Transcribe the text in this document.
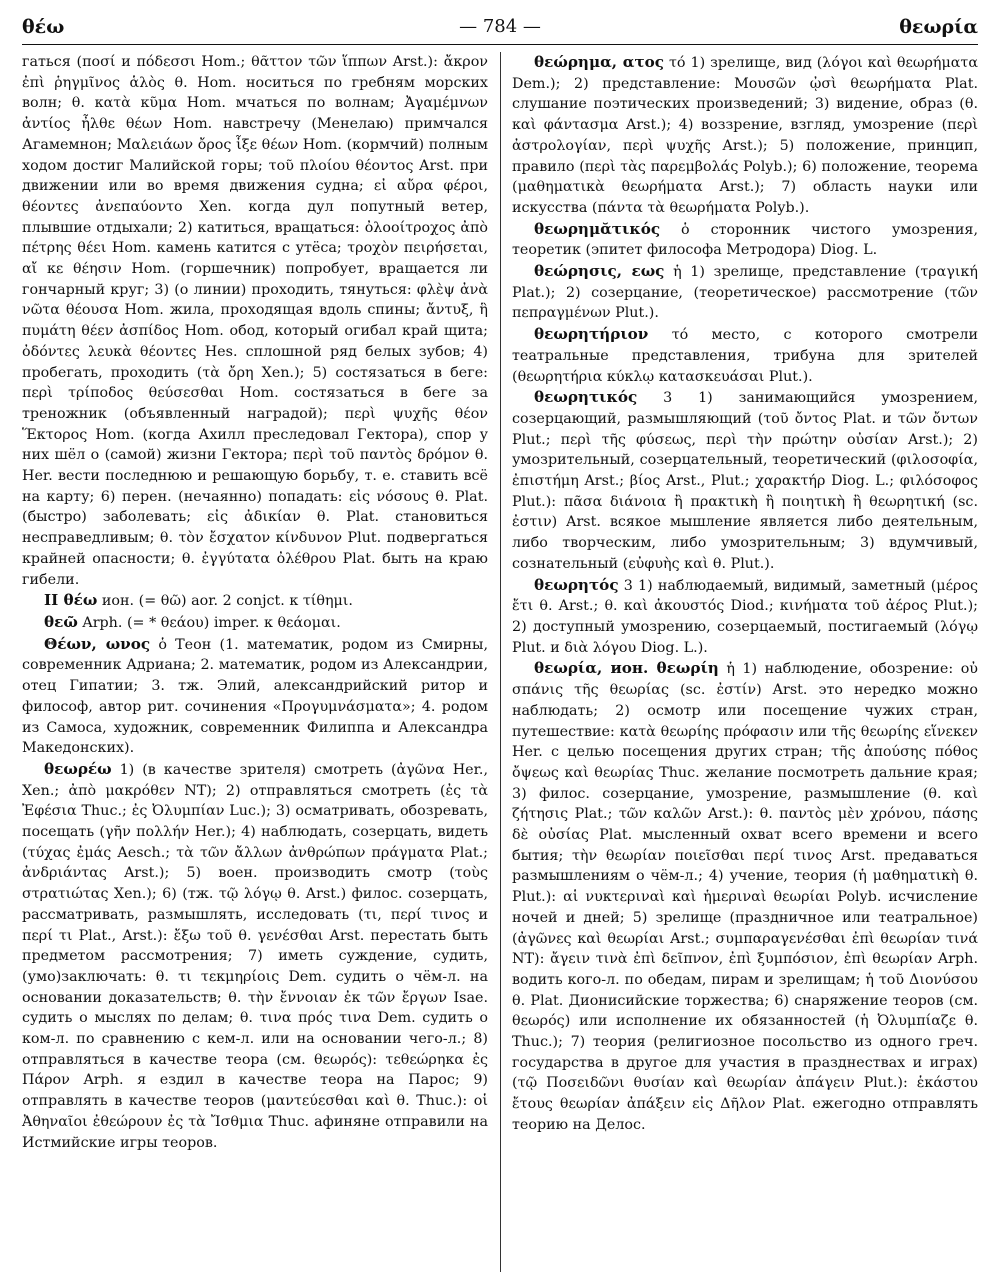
θέω	— 784 —	θεωρία

гаться (ποσί и πόδεσσι Hom.; θᾶττον τῶν ἵππων Arst.): ἄκρον ἐπὶ ῥηγμῖνος ἁλὸς θ. Hom. носиться по гребням морских волн; θ. κατὰ κῦμα Hom. мчаться по волнам; Ἀγαμέμνων ἀντίος ἦλθε θέων Hom. навстречу (Менелаю) примчался Агамемнон; Μαλειάων ὄρος ἷξε θέων Hom. (кормчий) полным ходом достиг Малийской горы; τοῦ πλοίου θέοντος Arst. при движении или во время движения судна; εἰ αὔρα φέροι, θέοντες ἀνεπαύοντο Xen. когда дул попутный ветер, плывшие отдыхали; 2) катиться, вращаться: ὀλοοίτροχος ἀπὸ πέτρης θέει Hom. камень катится с утёса; τροχὸν πειρήσεται, αἴ κε θέησιν Hom. (горшечник) попробует, вращается ли гончарный круг; 3) (о линии) проходить, тянуться: φλὲψ ἀνὰ νῶτα θέουσα Hom. жила, проходящая вдоль спины; ἄντυξ, ἣ πυμάτη θέεν ἀσπίδος Hom. обод, который огибал край щита; ὀδόντες λευκὰ θέοντες Hes. сплошной ряд белых зубов; 4) пробегать, проходить (τὰ ὄρη Xen.); 5) состязаться в беге: περὶ τρίποδος θεύσεσθαι Hom. состязаться в беге за треножник (объявленный наградой); περὶ ψυχῆς θέον Ἕκτορος Hom. (когда Ахилл преследовал Гектора), спор у них шёл о (самой) жизни Гектора; περὶ τοῦ παντὸς δρόμον θ. Her. вести последнюю и решающую борьбу, т. е. ставить всё на карту; 6) перен. (нечаянно) попадать: εἰς νόσους θ. Plat. (быстро) заболевать; εἰς ἀδικίαν θ. Plat. становиться несправедливым; θ. τὸν ἔσχατον κίνδυνον Plut. подвергаться крайней опасности; θ. ἐγγύτατα ὀλέθρου Plat. быть на краю гибели.

II θέω ион. (= θῶ) aor. 2 conjct. к τίθημι.

θεῶ Arph. (= * θεάου) imper. к θεάομαι.

Θέων, ωνος ὁ Теон (1. математик, родом из Смирны, современник Адриана; 2. математик, родом из Александрии, отец Гипатии; 3. тж. Элий, александрийский ритор и философ, автор рит. сочинения «Προγυμνάσματα»; 4. родом из Самоса, художник, современник Филиппа и Александра Македонских).

θεωρέω 1) (в качестве зрителя) смотреть (ἀγῶνα Her., Xen.; ἀπὸ μακρόθεν NT); 2) отправляться смотреть (ἐς τὰ Ἐφέσια Thuc.; ἐς Ὀλυμπίαν Luc.); 3) осматривать, обозревать, посещать (γῆν πολλήν Her.); 4) наблюдать, созерцать, видеть (τύχας ἐμάς Aesch.; τὰ τῶν ἄλλων ἀνθρώπων πράγματα Plat.; ἀνδριάντας Arst.); 5) воен. производить смотр (τοὺς στρατιώτας Xen.); 6) (тж. τῷ λόγῳ θ. Arst.) филос. созерцать, рассматривать, размышлять, исследовать (τι, περί τινος и περί τι Plat., Arst.): ἔξω τοῦ θ. γενέσθαι Arst. перестать быть предметом рассмотрения; 7) иметь суждение, судить, (умо)заключать: θ. τι τεκμηρίοις Dem. судить о чём-л. на основании доказательств; θ. τὴν ἔννοιαν ἐκ τῶν ἔργων Isae. судить о мыслях по делам; θ. τινα πρός τινα Dem. судить о ком-л. по сравнению с кем-л. или на основании чего-л.; 8) отправляться в качестве теора (см. θεωρός): τεθεώρηκα ἐς Πάρον Arph. я ездил в качестве теора на Парос; 9) отправлять в качестве теоров (μαντεύεσθαι καὶ θ. Thuc.): οἱ Ἀθηναῖοι ἐθεώρουν ἐς τὰ Ἴσθμια Thuc. афиняне отправили на Истмийские игры теоров.

θεώρημα, ατος τό 1) зрелище, вид (λόγοι καὶ θεωρήματα Dem.); 2) представление: Μουσῶν ᾠσὶ θεωρήματα Plat. слушание поэтических произведений; 3) видение, образ (θ. καὶ φάντασμα Arst.); 4) воззрение, взгляд, умозрение (περὶ ἀστρολογίαν, περὶ ψυχῆς Arst.); 5) положение, принцип, правило (περὶ τὰς παρεμβολάς Polyb.); 6) положение, теорема (μαθηματικὰ θεωρήματα Arst.); 7) область науки или искусства (πάντα τὰ θεωρήματα Polyb.).

θεωρημᾰτικός ὁ сторонник чистого умозрения, теоретик (эпитет философа Метродора) Diog. L.

θεώρησις, εως ἡ 1) зрелище, представление (τραγική Plat.); 2) созерцание, (теоретическое) рассмотрение (τῶν πεπραγμένων Plut.).

θεωρητήριον τό место, с которого смотрели театральные представления, трибуна для зрителей (θεωρητήρια κύκλῳ κατασκευάσαι Plut.).

θεωρητικός 3 1) занимающийся умозрением, созерцающий, размышляющий (τοῦ ὄντος Plat. и τῶν ὄντων Plut.; περὶ τῆς φύσεως, περὶ τὴν πρώτην οὐσίαν Arst.); 2) умозрительный, созерцательный, теоретический (φιλοσοφία, ἐπιστήμη Arst.; βίος Arst., Plut.; χαρακτήρ Diog. L.; φιλόσοφος Plut.): πᾶσα διάνοια ἢ πρακτικὴ ἢ ποιητικὴ ἢ θεωρητική (sc. ἐστιν) Arst. всякое мышление является либо деятельным, либо творческим, либо умозрительным; 3) вдумчивый, сознательный (εὐφυὴς καὶ θ. Plut.).

θεωρητός 3 1) наблюдаемый, видимый, заметный (μέρος ἔτι θ. Arst.; θ. καὶ ἀκουστός Diod.; κινήματα τοῦ ἀέρος Plut.); 2) доступный умозрению, созерцаемый, постигаемый (λόγῳ Plut. и διὰ λόγου Diog. L.).

θεωρία, ион. θεωρίη ἡ 1) наблюдение, обозрение: οὐ σπάνις τῆς θεωρίας (sc. ἐστίν) Arst. это нередко можно наблюдать; 2) осмотр или посещение чужих стран, путешествие: κατὰ θεωρίης πρόφασιν или τῆς θεωρίης εἵνεκεν Her. с целью посещения других стран; τῆς ἀπούσης πόθος ὄψεως καὶ θεωρίας Thuc. желание посмотреть дальние края; 3) филос. созерцание, умозрение, размышление (θ. καὶ ζήτησις Plat.; τῶν καλῶν Arst.): θ. παντὸς μὲν χρόνου, πάσης δὲ οὐσίας Plat. мысленный охват всего времени и всего бытия; τὴν θεωρίαν ποιεῖσθαι περί τινος Arst. предаваться размышлениям о чём-л.; 4) учение, теория (ἡ μαθηματικὴ θ. Plut.): αἱ νυκτεριναὶ καὶ ἡμεριναὶ θεωρίαι Polyb. исчисление ночей и дней; 5) зрелище (праздничное или театральное) (ἀγῶνες καὶ θεωρίαι Arst.; συμπαραγενέσθαι ἐπὶ θεωρίαν τινά NT): ἄγειν τινὰ ἐπὶ δεῖπνον, ἐπὶ ξυμπόσιον, ἐπὶ θεωρίαν Arph. водить кого-л. по обедам, пирам и зрелищам; ἡ τοῦ Διονύσου θ. Plat. Дионисийские торжества; 6) снаряжение теоров (см. θεωρός) или исполнение их обязанностей (ἡ Ὀλυμπίαζε θ. Thuc.); 7) теория (религиозное посольство из одного греч. государства в другое для участия в празднествах и играх) (τῷ Ποσειδῶνι θυσίαν καὶ θεωρίαν ἀπάγειν Plut.): ἑκάστου ἔτους θεωρίαν ἀπάξειν εἰς Δῆλον Plat. ежегодно отправлять теорию на Делос.
